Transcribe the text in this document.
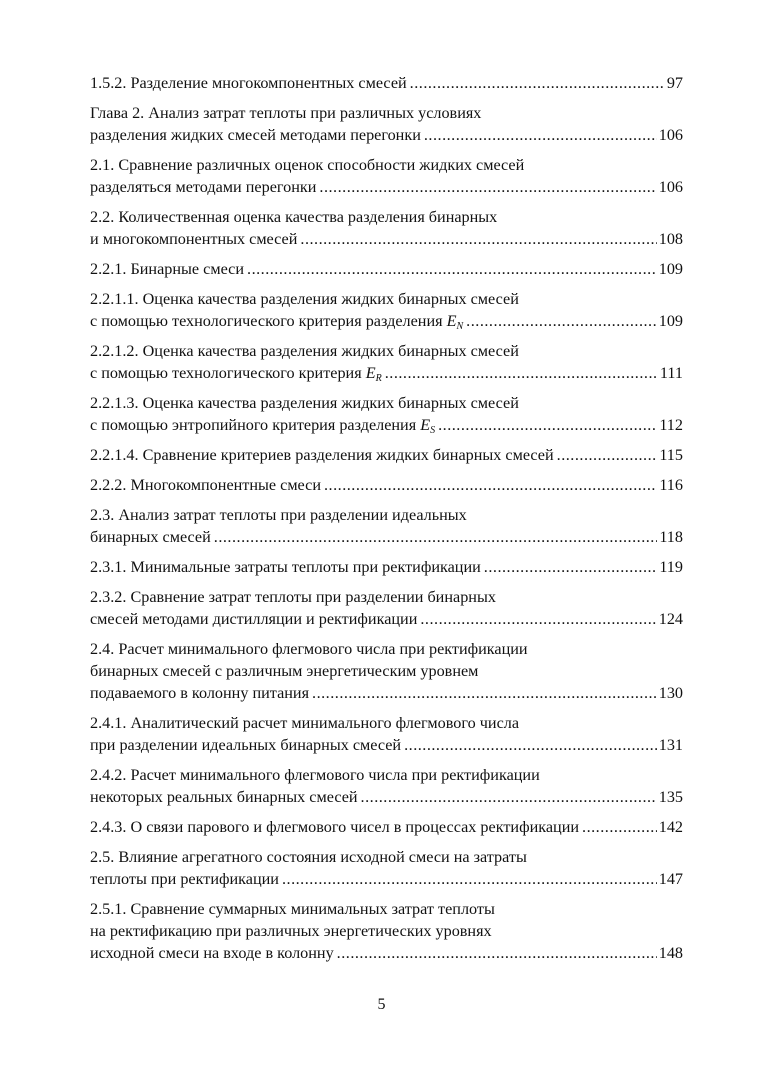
1.5.2. Разделение многокомпонентных смесей .....	97
Глава 2. Анализ затрат теплоты при различных условиях
разделения жидких смесей методами перегонки .....	106
2.1. Сравнение различных оценок способности жидких смесей
разделяться методами перегонки .....	106
2.2. Количественная оценка качества разделения бинарных
и многокомпонентных смесей .....	108
2.2.1. Бинарные смеси .....	109
2.2.1.1. Оценка качества разделения жидких бинарных смесей
с помощью технологического критерия разделения $E_N$ .....	109
2.2.1.2. Оценка качества разделения жидких бинарных смесей
с помощью технологического критерия $E_R$ .....	111
2.2.1.3. Оценка качества разделения жидких бинарных смесей
с помощью энтропийного критерия разделения $E_S$ .....	112
2.2.1.4. Сравнение критериев разделения жидких бинарных смесей .....	115
2.2.2. Многокомпонентные смеси .....	116
2.3. Анализ затрат теплоты при разделении идеальных
бинарных смесей .....	118
2.3.1. Минимальные затраты теплоты при ректификации .....	119
2.3.2. Сравнение затрат теплоты при разделении бинарных
смесей методами дистилляции и ректификации .....	124
2.4. Расчет минимального флегмового числа при ректификации
бинарных смесей с различным энергетическим уровнем
подаваемого в колонну питания .....	130
2.4.1. Аналитический расчет минимального флегмового числа
при разделении идеальных бинарных смесей .....	131
2.4.2. Расчет минимального флегмового числа при ректификации
некоторых реальных бинарных смесей .....	135
2.4.3. О связи парового и флегмового чисел в процессах ректификации .....	142
2.5. Влияние агрегатного состояния исходной смеси на затраты
теплоты при ректификации .....	147
2.5.1. Сравнение суммарных минимальных затрат теплоты
на ректификацию при различных энергетических уровнях
исходной смеси на входе в колонну .....	148
5
